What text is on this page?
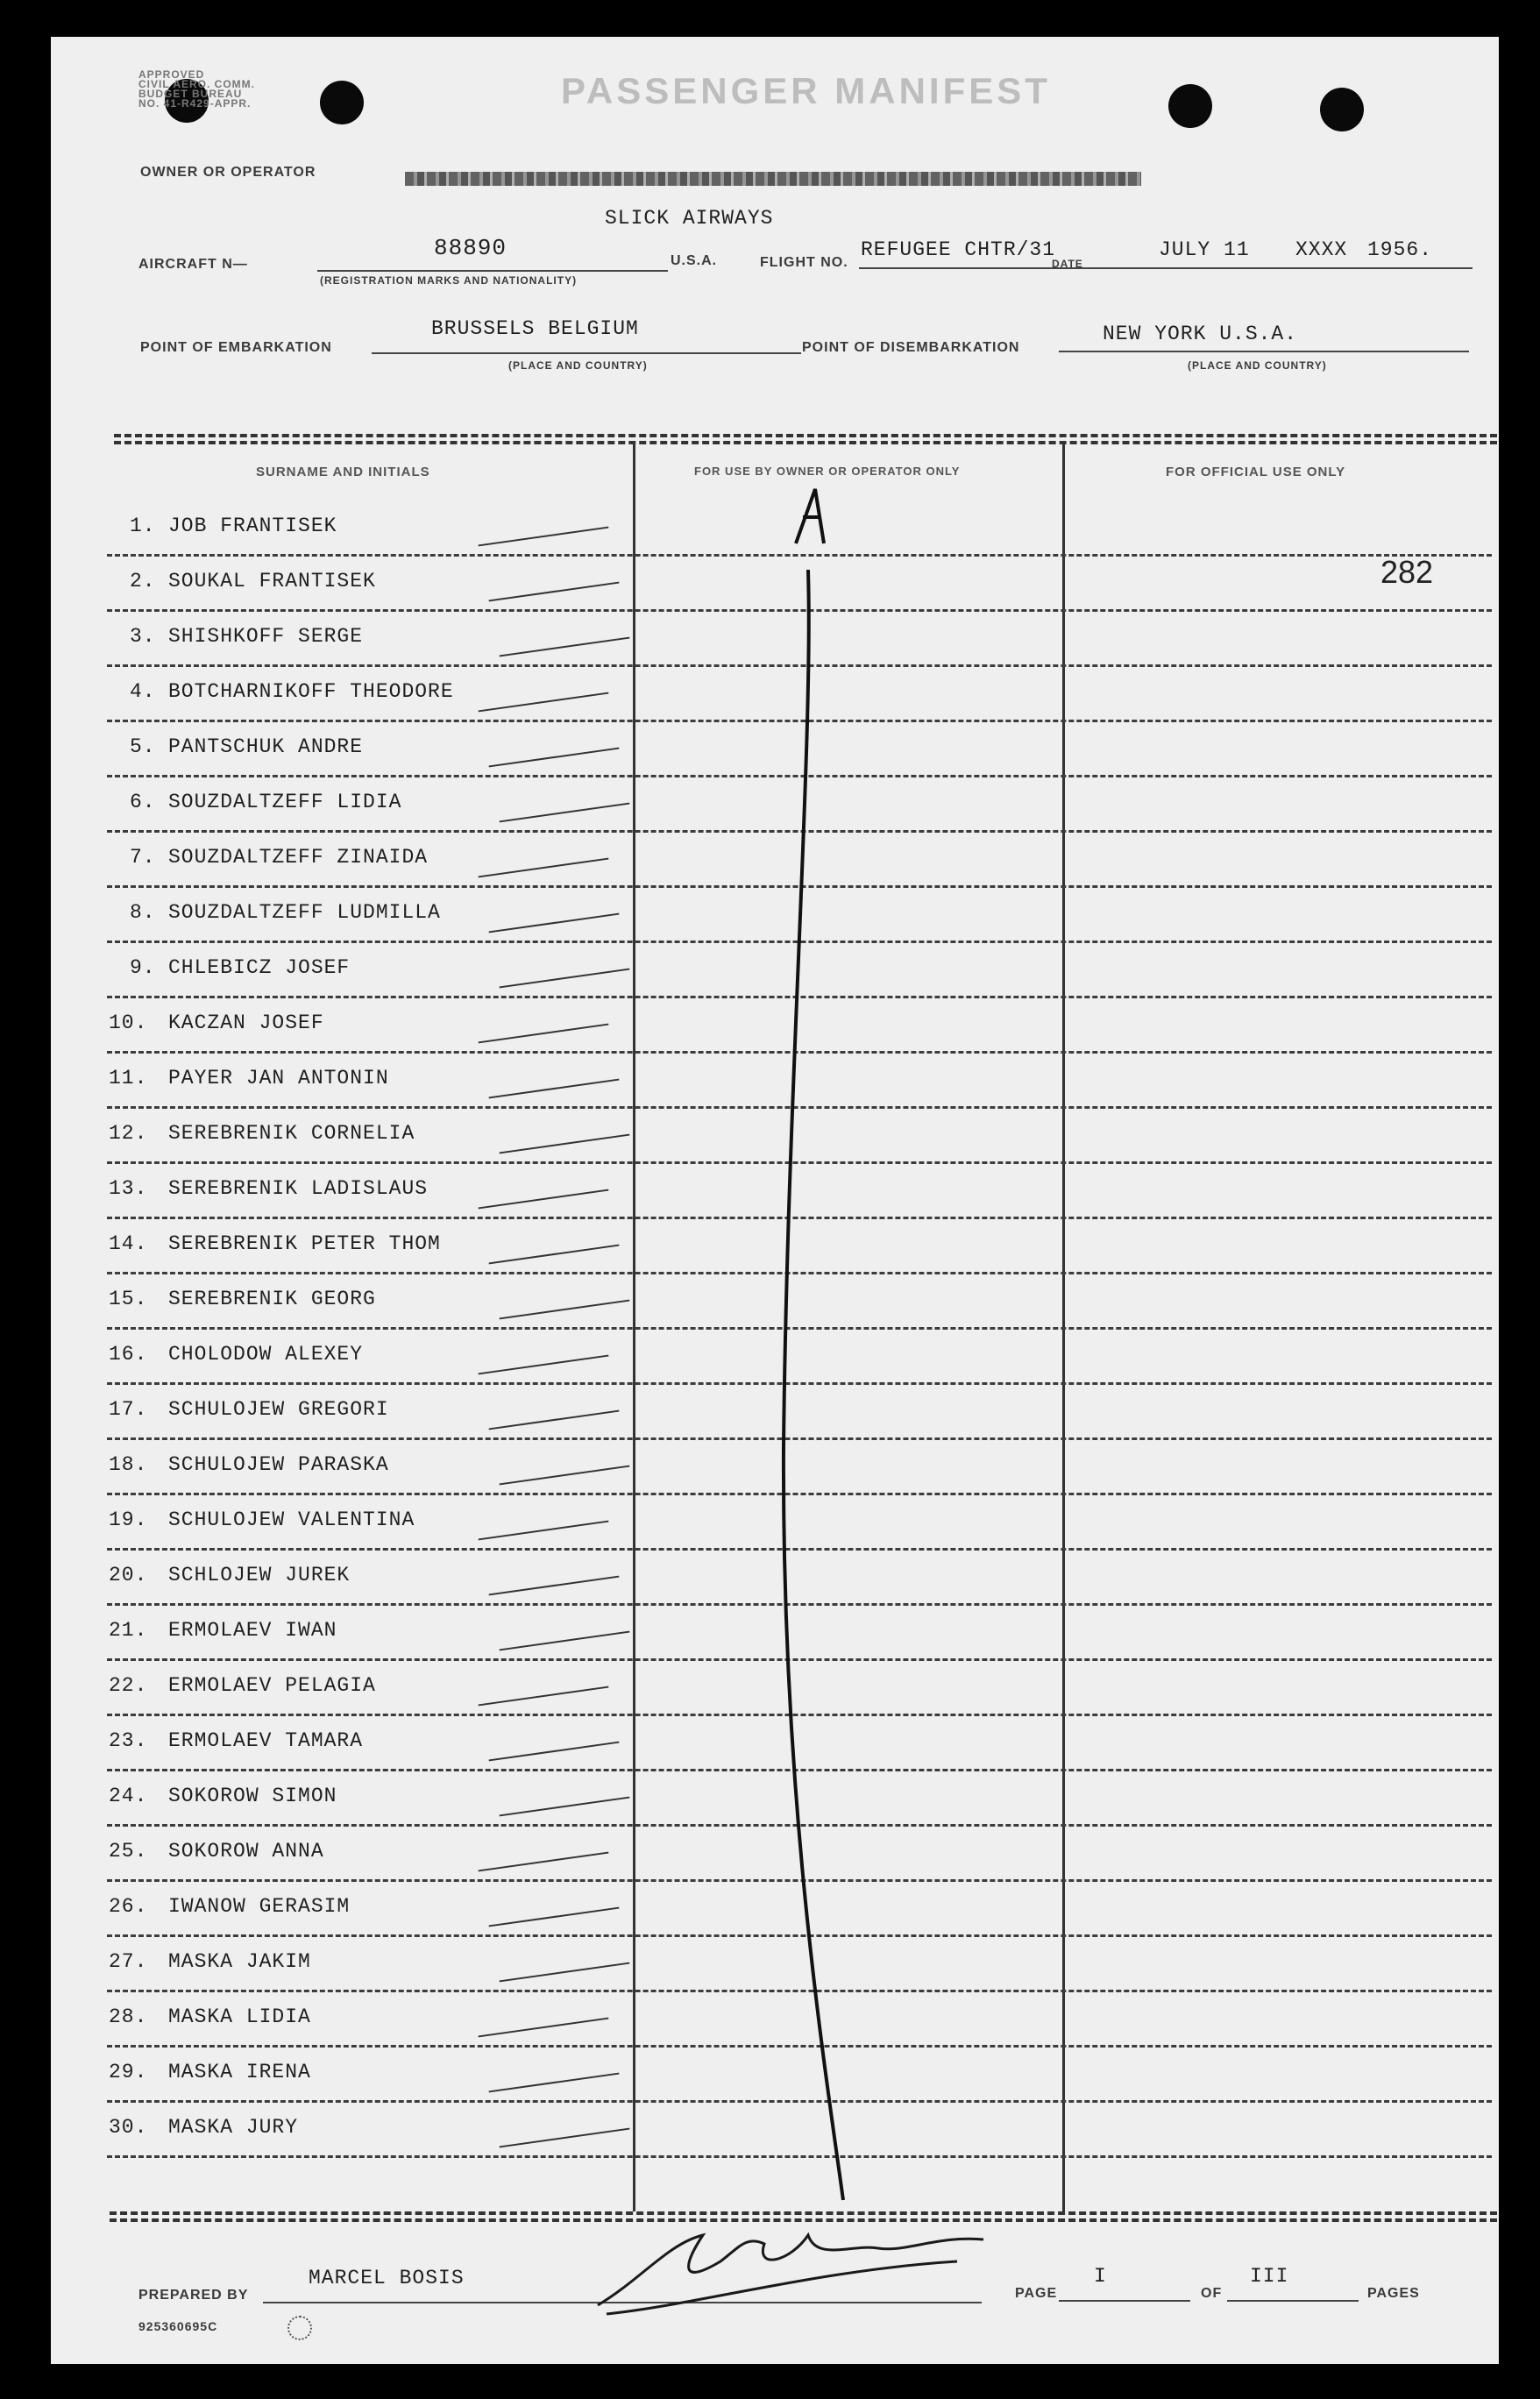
APPROVED
CIVIL AERO. COMM.
BUDGET BUREAU
NO. 41-R429-APPR.	PASSENGER MANIFEST
OWNER OR OPERATOR
SLICK AIRWAYS
AIRCRAFT N—
88890
(REGISTRATION MARKS AND NATIONALITY)
U.S.A.	FLIGHT NO.
REFUGEE CHTR/31
DATE
JULY 11 XXXX 1956.
POINT OF EMBARKATION
BRUSSELS BELGIUM
(PLACE AND COUNTRY)
POINT OF DISEMBARKATION
NEW YORK U.S.A.
(PLACE AND COUNTRY)
SURNAME AND INITIALS	FOR USE BY OWNER OR OPERATOR ONLY	FOR OFFICIAL USE ONLY
1. JOB FRANTISEK
2. SOUKAL FRANTISEK
3. SHISHKOFF SERGE
4. BOTCHARNIKOFF THEODORE
5. PANTSCHUK ANDRE
6. SOUZDALTZEFF LIDIA
7. SOUZDALTZEFF ZINAIDA
8. SOUZDALTZEFF LUDMILLA
9. CHLEBICZ JOSEF
10. KACZAN JOSEF
11. PAYER JAN ANTONIN
12. SEREBRENIK CORNELIA
13. SEREBRENIK LADISLAUS
14. SEREBRENIK PETER THOM
15. SEREBRENIK GEORG
16. CHOLODOW ALEXEY
17. SCHULOJEW GREGORI
18. SCHULOJEW PARASKA
19. SCHULOJEW VALENTINA
20. SCHLOJEW JUREK
21. ERMOLAEV IWAN
22. ERMOLAEV PELAGIA
23. ERMOLAEV TAMARA
24. SOKOROW SIMON
25. SOKOROW ANNA
26. IWANOW GERASIM
27. MASKA JAKIM
28. MASKA LIDIA
29. MASKA IRENA
30. MASKA JURY
282
PREPARED BY
MARCEL BOSIS
PAGE
I
OF
III
PAGES
925360695C
